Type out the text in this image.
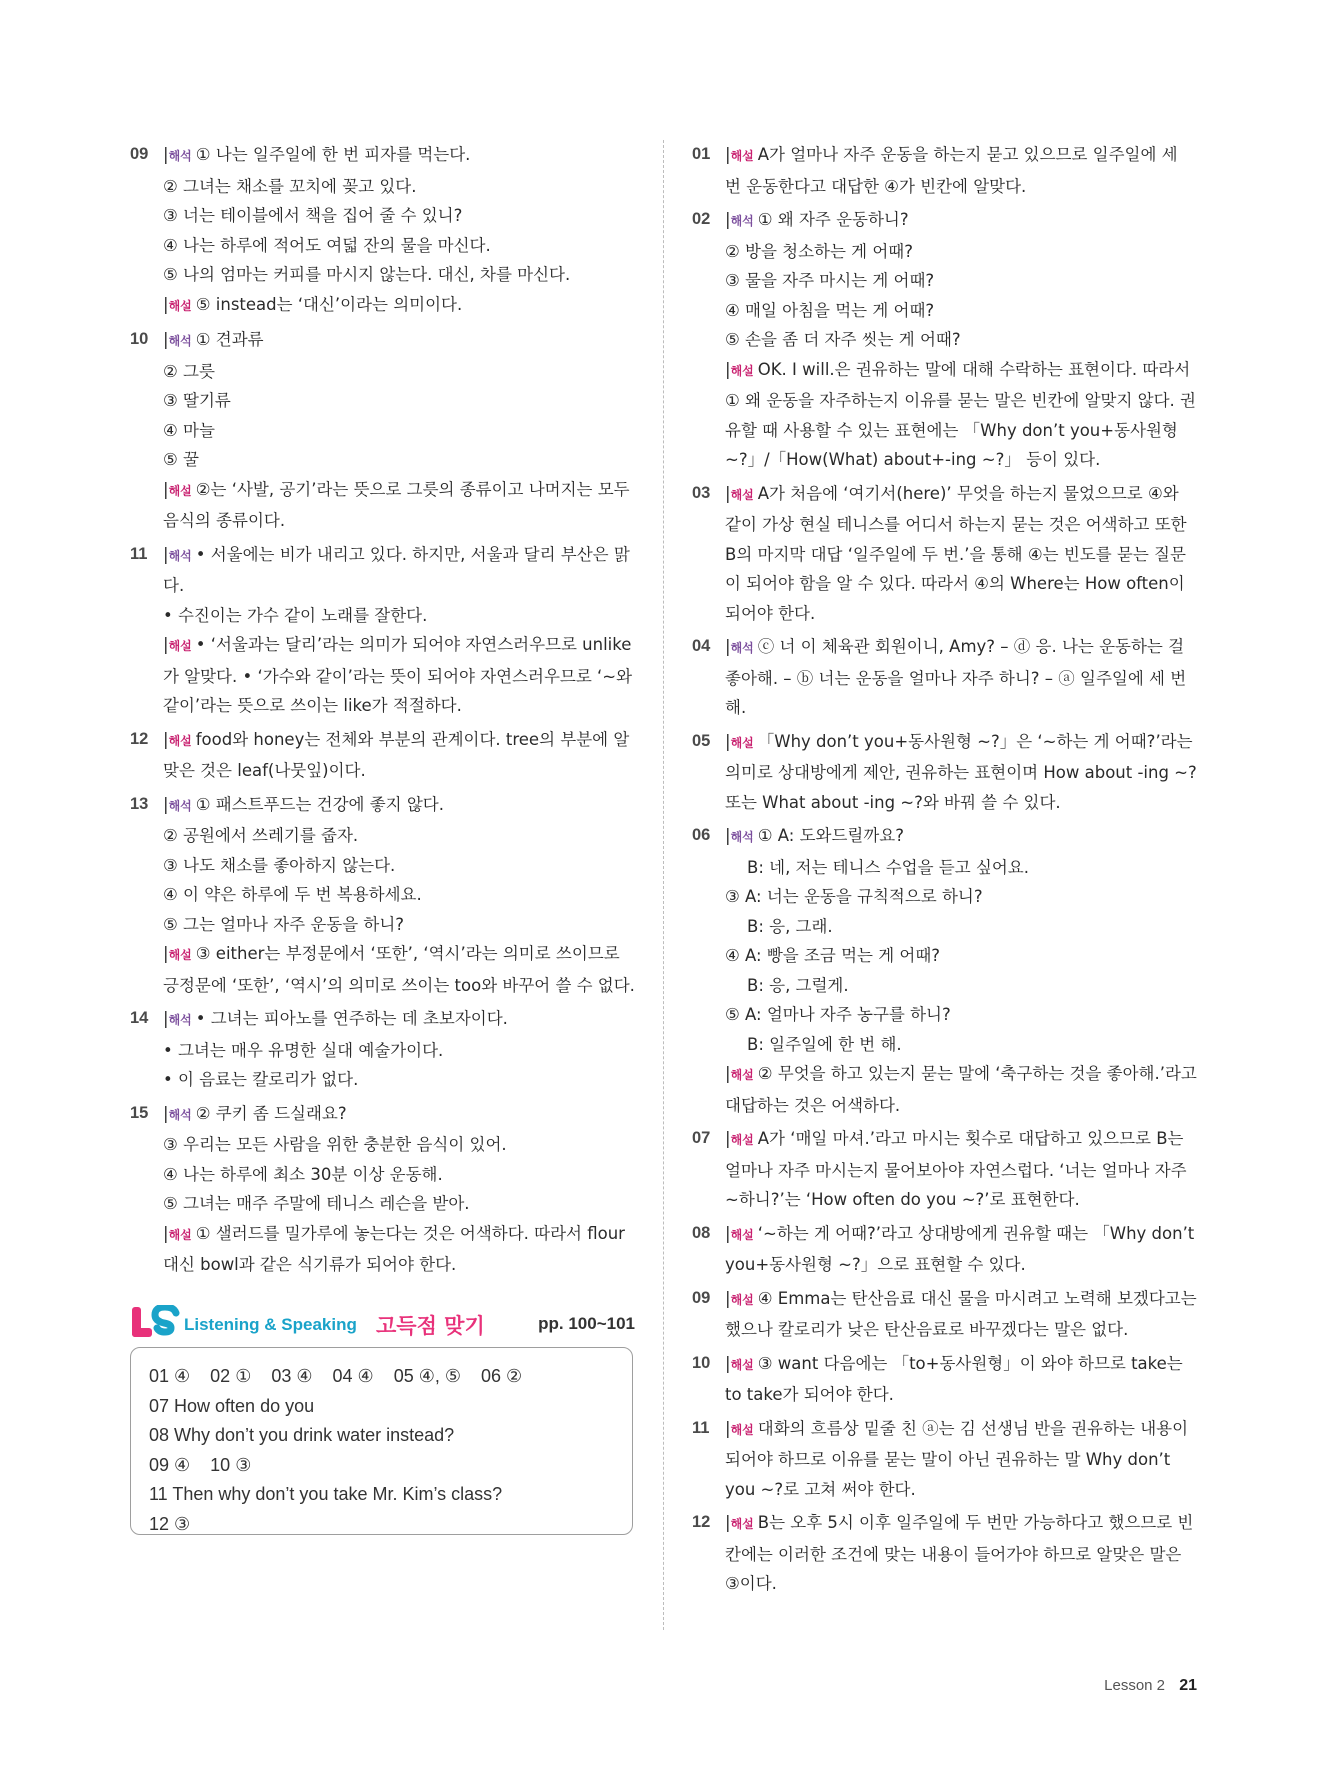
09 |해석 ① 나는 일주일에 한 번 피자를 먹는다.
② 그녀는 채소를 꼬치에 꽂고 있다.
③ 너는 테이블에서 책을 집어 줄 수 있니?
④ 나는 하루에 적어도 여덟 잔의 물을 마신다.
⑤ 나의 엄마는 커피를 마시지 않는다. 대신, 차를 마신다.
|해설 ⑤ instead는 ‘대신’이라는 의미이다.
10 |해석 ① 견과류
② 그릇
③ 딸기류
④ 마늘
⑤ 꿀
|해설 ②는 ‘사발, 공기’라는 뜻으로 그릇의 종류이고 나머지는 모두 음식의 종류이다.
11 |해석 • 서울에는 비가 내리고 있다. 하지만, 서울과 달리 부산은 맑다.
• 수진이는 가수 같이 노래를 잘한다.
|해설 • ‘서울과는 달리’라는 의미가 되어야 자연스러우므로 unlike가 알맞다. • ‘가수와 같이’라는 뜻이 되어야 자연스러우므로 ‘∼와 같이’라는 뜻으로 쓰이는 like가 적절하다.
12 |해설 food와 honey는 전체와 부분의 관계이다. tree의 부분에 알맞은 것은 leaf(나뭇잎)이다.
13 |해석 ① 패스트푸드는 건강에 좋지 않다.
② 공원에서 쓰레기를 줍자.
③ 나도 채소를 좋아하지 않는다.
④ 이 약은 하루에 두 번 복용하세요.
⑤ 그는 얼마나 자주 운동을 하니?
|해설 ③ either는 부정문에서 ‘또한’, ‘역시’라는 의미로 쓰이므로 긍정문에 ‘또한’, ‘역시’의 의미로 쓰이는 too와 바꾸어 쓸 수 없다.
14 |해석 • 그녀는 피아노를 연주하는 데 초보자이다.
• 그녀는 매우 유명한 실대 예술가이다.
• 이 음료는 칼로리가 없다.
15 |해석 ② 쿠키 좀 드실래요?
③ 우리는 모든 사람을 위한 충분한 음식이 있어.
④ 나는 하루에 최소 30분 이상 운동해.
⑤ 그녀는 매주 주말에 테니스 레슨을 받아.
|해설 ① 샐러드를 밀가루에 놓는다는 것은 어색하다. 따라서 flour 대신 bowl과 같은 식기류가 되어야 한다.
01 |해설 A가 얼마나 자주 운동을 하는지 묻고 있으므로 일주일에 세 번 운동한다고 대답한 ④가 빈칸에 알맞다.
02 |해석 ① 왜 자주 운동하니?
② 방을 청소하는 게 어때?
③ 물을 자주 마시는 게 어때?
④ 매일 아침을 먹는 게 어때?
⑤ 손을 좀 더 자주 씻는 게 어때?
|해설 OK. I will.은 권유하는 말에 대해 수락하는 표현이다. 따라서 ① 왜 운동을 자주하는지 이유를 묻는 말은 빈칸에 알맞지 않다. 권유할 때 사용할 수 있는 표현에는 「Why don’t you+동사원형 ~?」/「How(What) about+-ing ~?」 등이 있다.
03 |해설 A가 처음에 ‘여기서(here)’ 무엇을 하는지 물었으므로 ④와 같이 가상 현실 테니스를 어디서 하는지 묻는 것은 어색하고 또한 B의 마지막 대답 ‘일주일에 두 번.’을 통해 ④는 빈도를 묻는 질문이 되어야 함을 알 수 있다. 따라서 ④의 Where는 How often이 되어야 한다.
04 |해석 ⓒ 너 이 체육관 회원이니, Amy? – ⓓ 응. 나는 운동하는 걸 좋아해. – ⓑ 너는 운동을 얼마나 자주 하니? – ⓐ 일주일에 세 번 해.
05 |해설 「Why don’t you+동사원형 ~?」은 ‘∼하는 게 어때?’라는 의미로 상대방에게 제안, 권유하는 표현이며 How about -ing ~? 또는 What about -ing ~?와 바꿔 쓸 수 있다.
06 |해석 ① A: 도와드릴까요?
B: 네, 저는 테니스 수업을 듣고 싶어요.
③ A: 너는 운동을 규칙적으로 하니?
B: 응, 그래.
④ A: 빵을 조금 먹는 게 어때?
B: 응, 그럴게.
⑤ A: 얼마나 자주 농구를 하니?
B: 일주일에 한 번 해.
|해설 ② 무엇을 하고 있는지 묻는 말에 ‘축구하는 것을 좋아해.’라고 대답하는 것은 어색하다.
07 |해설 A가 ‘매일 마셔.’라고 마시는 횟수로 대답하고 있으므로 B는 얼마나 자주 마시는지 물어보아야 자연스럽다. ‘너는 얼마나 자주 ∼하니?’는 ‘How often do you ~?’로 표현한다.
08 |해설 ‘∼하는 게 어때?’라고 상대방에게 권유할 때는 「Why don’t you+동사원형 ~?」으로 표현할 수 있다.
09 |해설 ④ Emma는 탄산음료 대신 물을 마시려고 노력해 보겠다고는 했으나 칼로리가 낮은 탄산음료로 바꾸겠다는 말은 없다.
10 |해설 ③ want 다음에는 「to+동사원형」이 와야 하므로 take는 to take가 되어야 한다.
11 |해설 대화의 흐름상 밑줄 친 ⓐ는 김 선생님 반을 권유하는 내용이 되어야 하므로 이유를 묻는 말이 아닌 권유하는 말 Why don’t you ~?로 고쳐 써야 한다.
12 |해설 B는 오후 5시 이후 일주일에 두 번만 가능하다고 했으므로 빈칸에는 이러한 조건에 맞는 내용이 들어가야 하므로 알맞은 말은 ③이다.
Listening & Speaking 고득점 맞기	pp. 100~101
01 ④ 02 ① 03 ④ 04 ④ 05 ④, ⑤ 06 ②
07 How often do you
08 Why don’t you drink water instead?
09 ④ 10 ③
11 Then why don’t you take Mr. Kim’s class?
12 ③
Lesson 2 21
